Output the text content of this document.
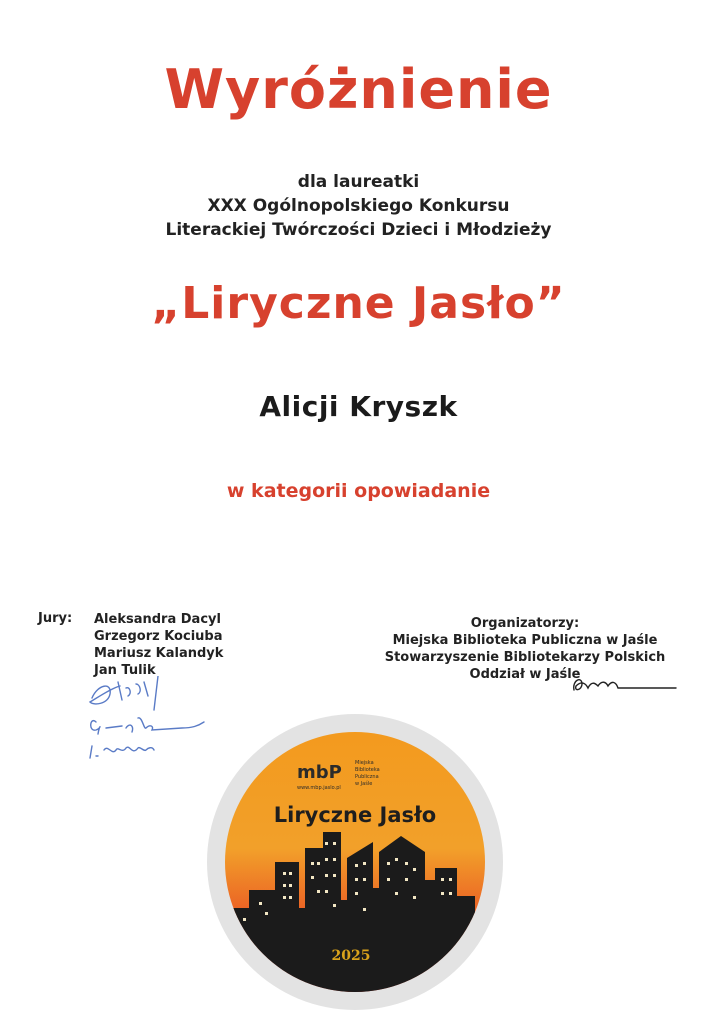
Wyróżnienie
dla laureatki
XXX Ogólnopolskiego Konkursu
Literackiej Twórczości Dzieci i Młodzieży
„Liryczne Jasło”
Alicji Kryszk
w kategorii opowiadanie
Jury: Aleksandra Dacyl
Grzegorz Kociuba
Mariusz Kalandyk
Jan Tulik
Organizatorzy:
Miejska Biblioteka Publiczna w Jaśle
Stowarzyszenie Bibliotekarzy Polskich
Oddział w Jaśle
mbP
www.mbp.jaslo.pl
Miejska Biblioteka Publiczna w Jaśle
Liryczne Jasło
2025
